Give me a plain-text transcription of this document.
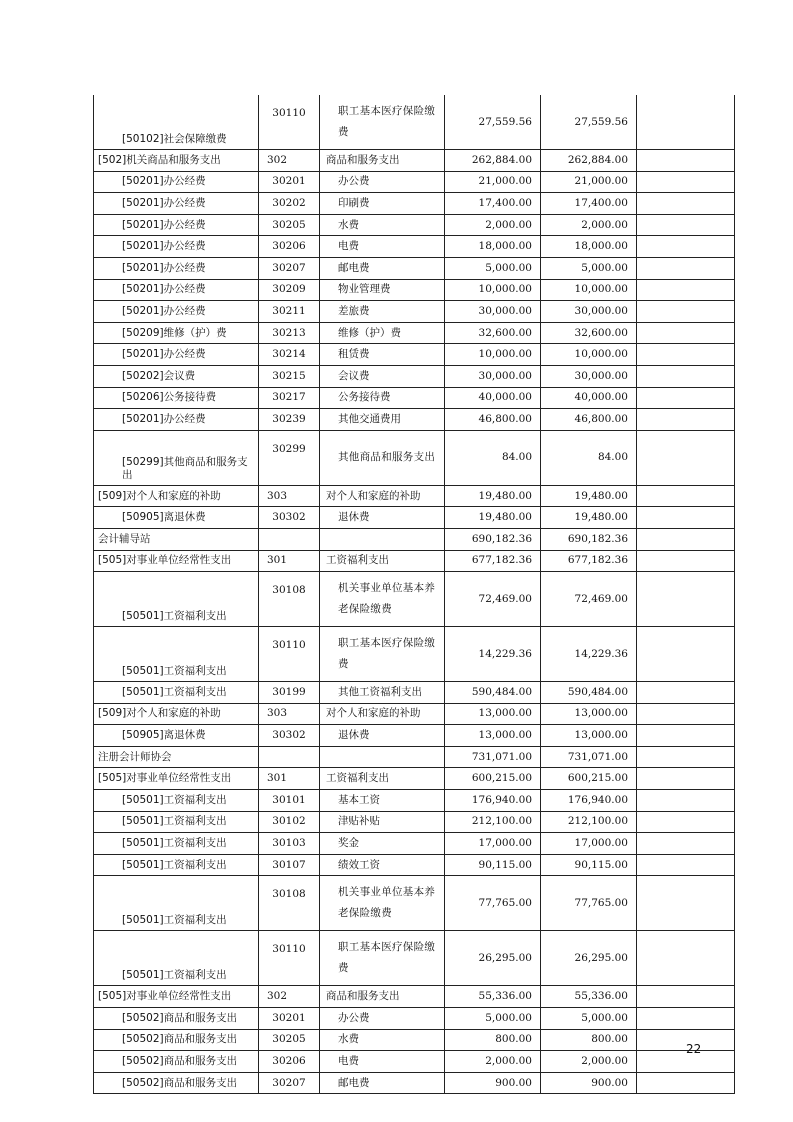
[50102]社会保障缴费	30110	职工基本医疗保险缴费	27,559.56	27,559.56	
[502]机关商品和服务支出	302	商品和服务支出	262,884.00	262,884.00	
[50201]办公经费	30201	办公费	21,000.00	21,000.00	
[50201]办公经费	30202	印刷费	17,400.00	17,400.00	
[50201]办公经费	30205	水费	2,000.00	2,000.00	
[50201]办公经费	30206	电费	18,000.00	18,000.00	
[50201]办公经费	30207	邮电费	5,000.00	5,000.00	
[50201]办公经费	30209	物业管理费	10,000.00	10,000.00	
[50201]办公经费	30211	差旅费	30,000.00	30,000.00	
[50209]维修（护）费	30213	维修（护）费	32,600.00	32,600.00	
[50201]办公经费	30214	租赁费	10,000.00	10,000.00	
[50202]会议费	30215	会议费	30,000.00	30,000.00	
[50206]公务接待费	30217	公务接待费	40,000.00	40,000.00	
[50201]办公经费	30239	其他交通费用	46,800.00	46,800.00	
[50299]其他商品和服务支出	30299	其他商品和服务支出	84.00	84.00	
[509]对个人和家庭的补助	303	对个人和家庭的补助	19,480.00	19,480.00	
[50905]离退休费	30302	退休费	19,480.00	19,480.00	
会计辅导站			690,182.36	690,182.36	
[505]对事业单位经常性支出	301	工资福利支出	677,182.36	677,182.36	
[50501]工资福利支出	30108	机关事业单位基本养老保险缴费	72,469.00	72,469.00	
[50501]工资福利支出	30110	职工基本医疗保险缴费	14,229.36	14,229.36	
[50501]工资福利支出	30199	其他工资福利支出	590,484.00	590,484.00	
[509]对个人和家庭的补助	303	对个人和家庭的补助	13,000.00	13,000.00	
[50905]离退休费	30302	退休费	13,000.00	13,000.00	
注册会计师协会			731,071.00	731,071.00	
[505]对事业单位经常性支出	301	工资福利支出	600,215.00	600,215.00	
[50501]工资福利支出	30101	基本工资	176,940.00	176,940.00	
[50501]工资福利支出	30102	津贴补贴	212,100.00	212,100.00	
[50501]工资福利支出	30103	奖金	17,000.00	17,000.00	
[50501]工资福利支出	30107	绩效工资	90,115.00	90,115.00	
[50501]工资福利支出	30108	机关事业单位基本养老保险缴费	77,765.00	77,765.00	
[50501]工资福利支出	30110	职工基本医疗保险缴费	26,295.00	26,295.00	
[505]对事业单位经常性支出	302	商品和服务支出	55,336.00	55,336.00	
[50502]商品和服务支出	30201	办公费	5,000.00	5,000.00	
[50502]商品和服务支出	30205	水费	800.00	800.00	
[50502]商品和服务支出	30206	电费	2,000.00	2,000.00	
[50502]商品和服务支出	30207	邮电费	900.00	900.00	
22
